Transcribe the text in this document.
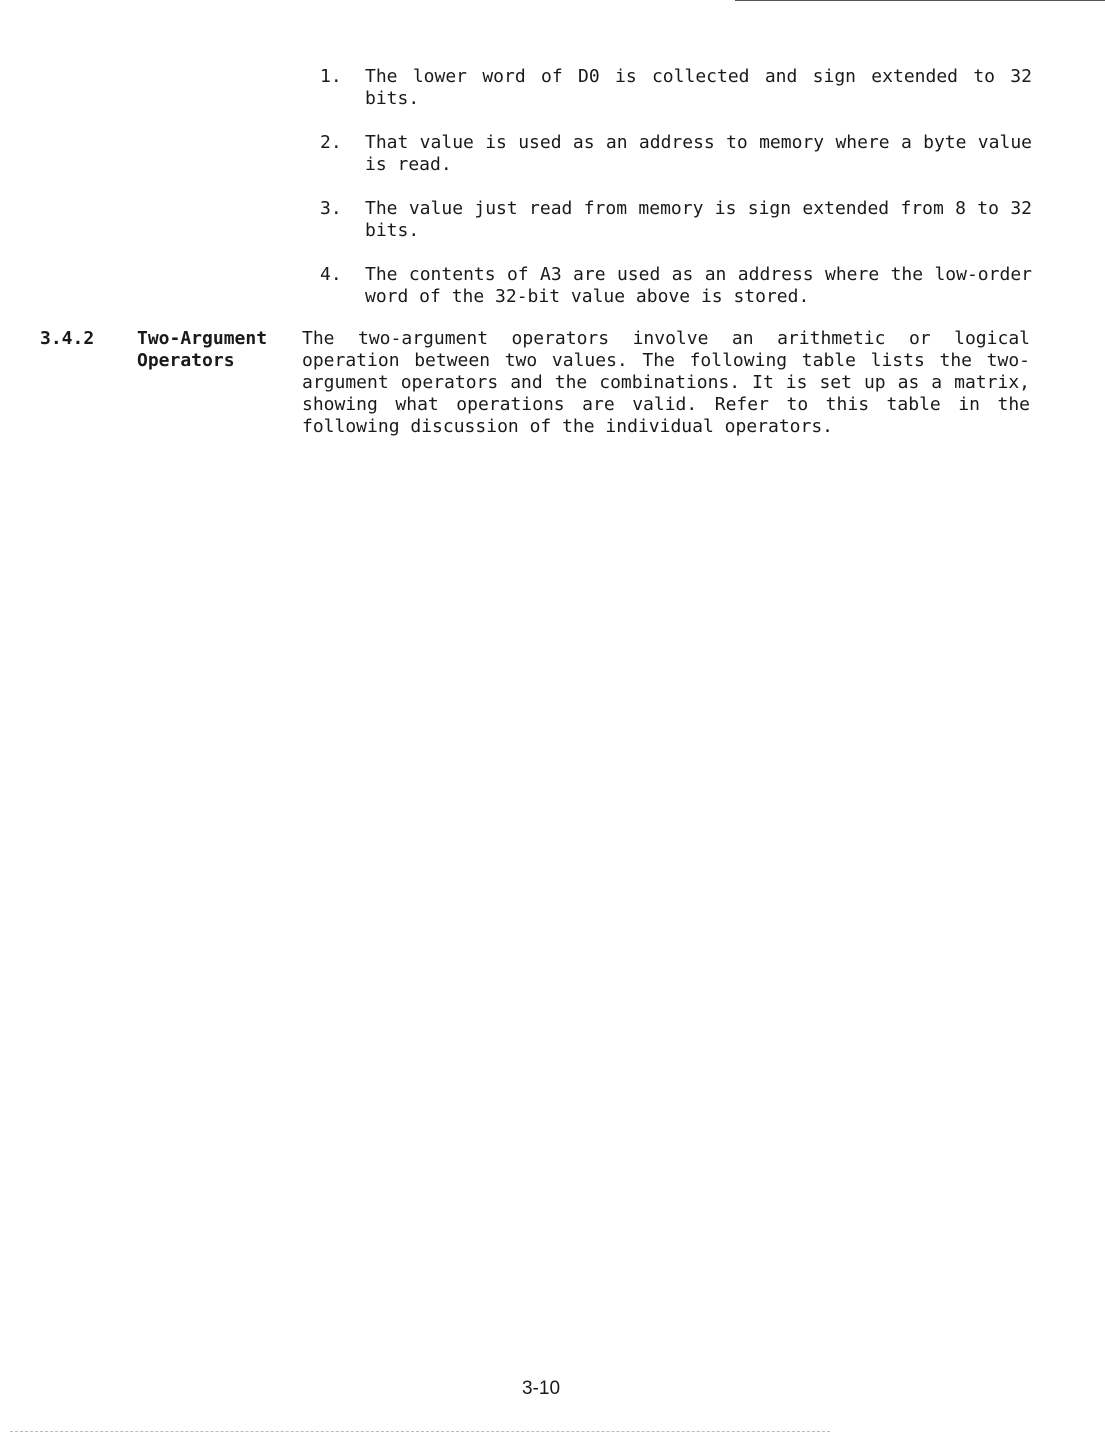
1.	The lower word of D0 is collected and sign extended to 32 bits.
2.	That value is used as an address to memory where a byte value is read.
3.	The value just read from memory is sign extended from 8 to 32 bits.
4.	The contents of A3 are used as an address where the low-order word of the 32-bit value above is stored.
3.4.2 Two-Argument
Operators
The two-argument operators involve an arithmetic or logical operation between two values. The following table lists the two-argument operators and the combinations. It is set up as a matrix, showing what operations are valid. Refer to this table in the following discussion of the individual operators.
3-10
